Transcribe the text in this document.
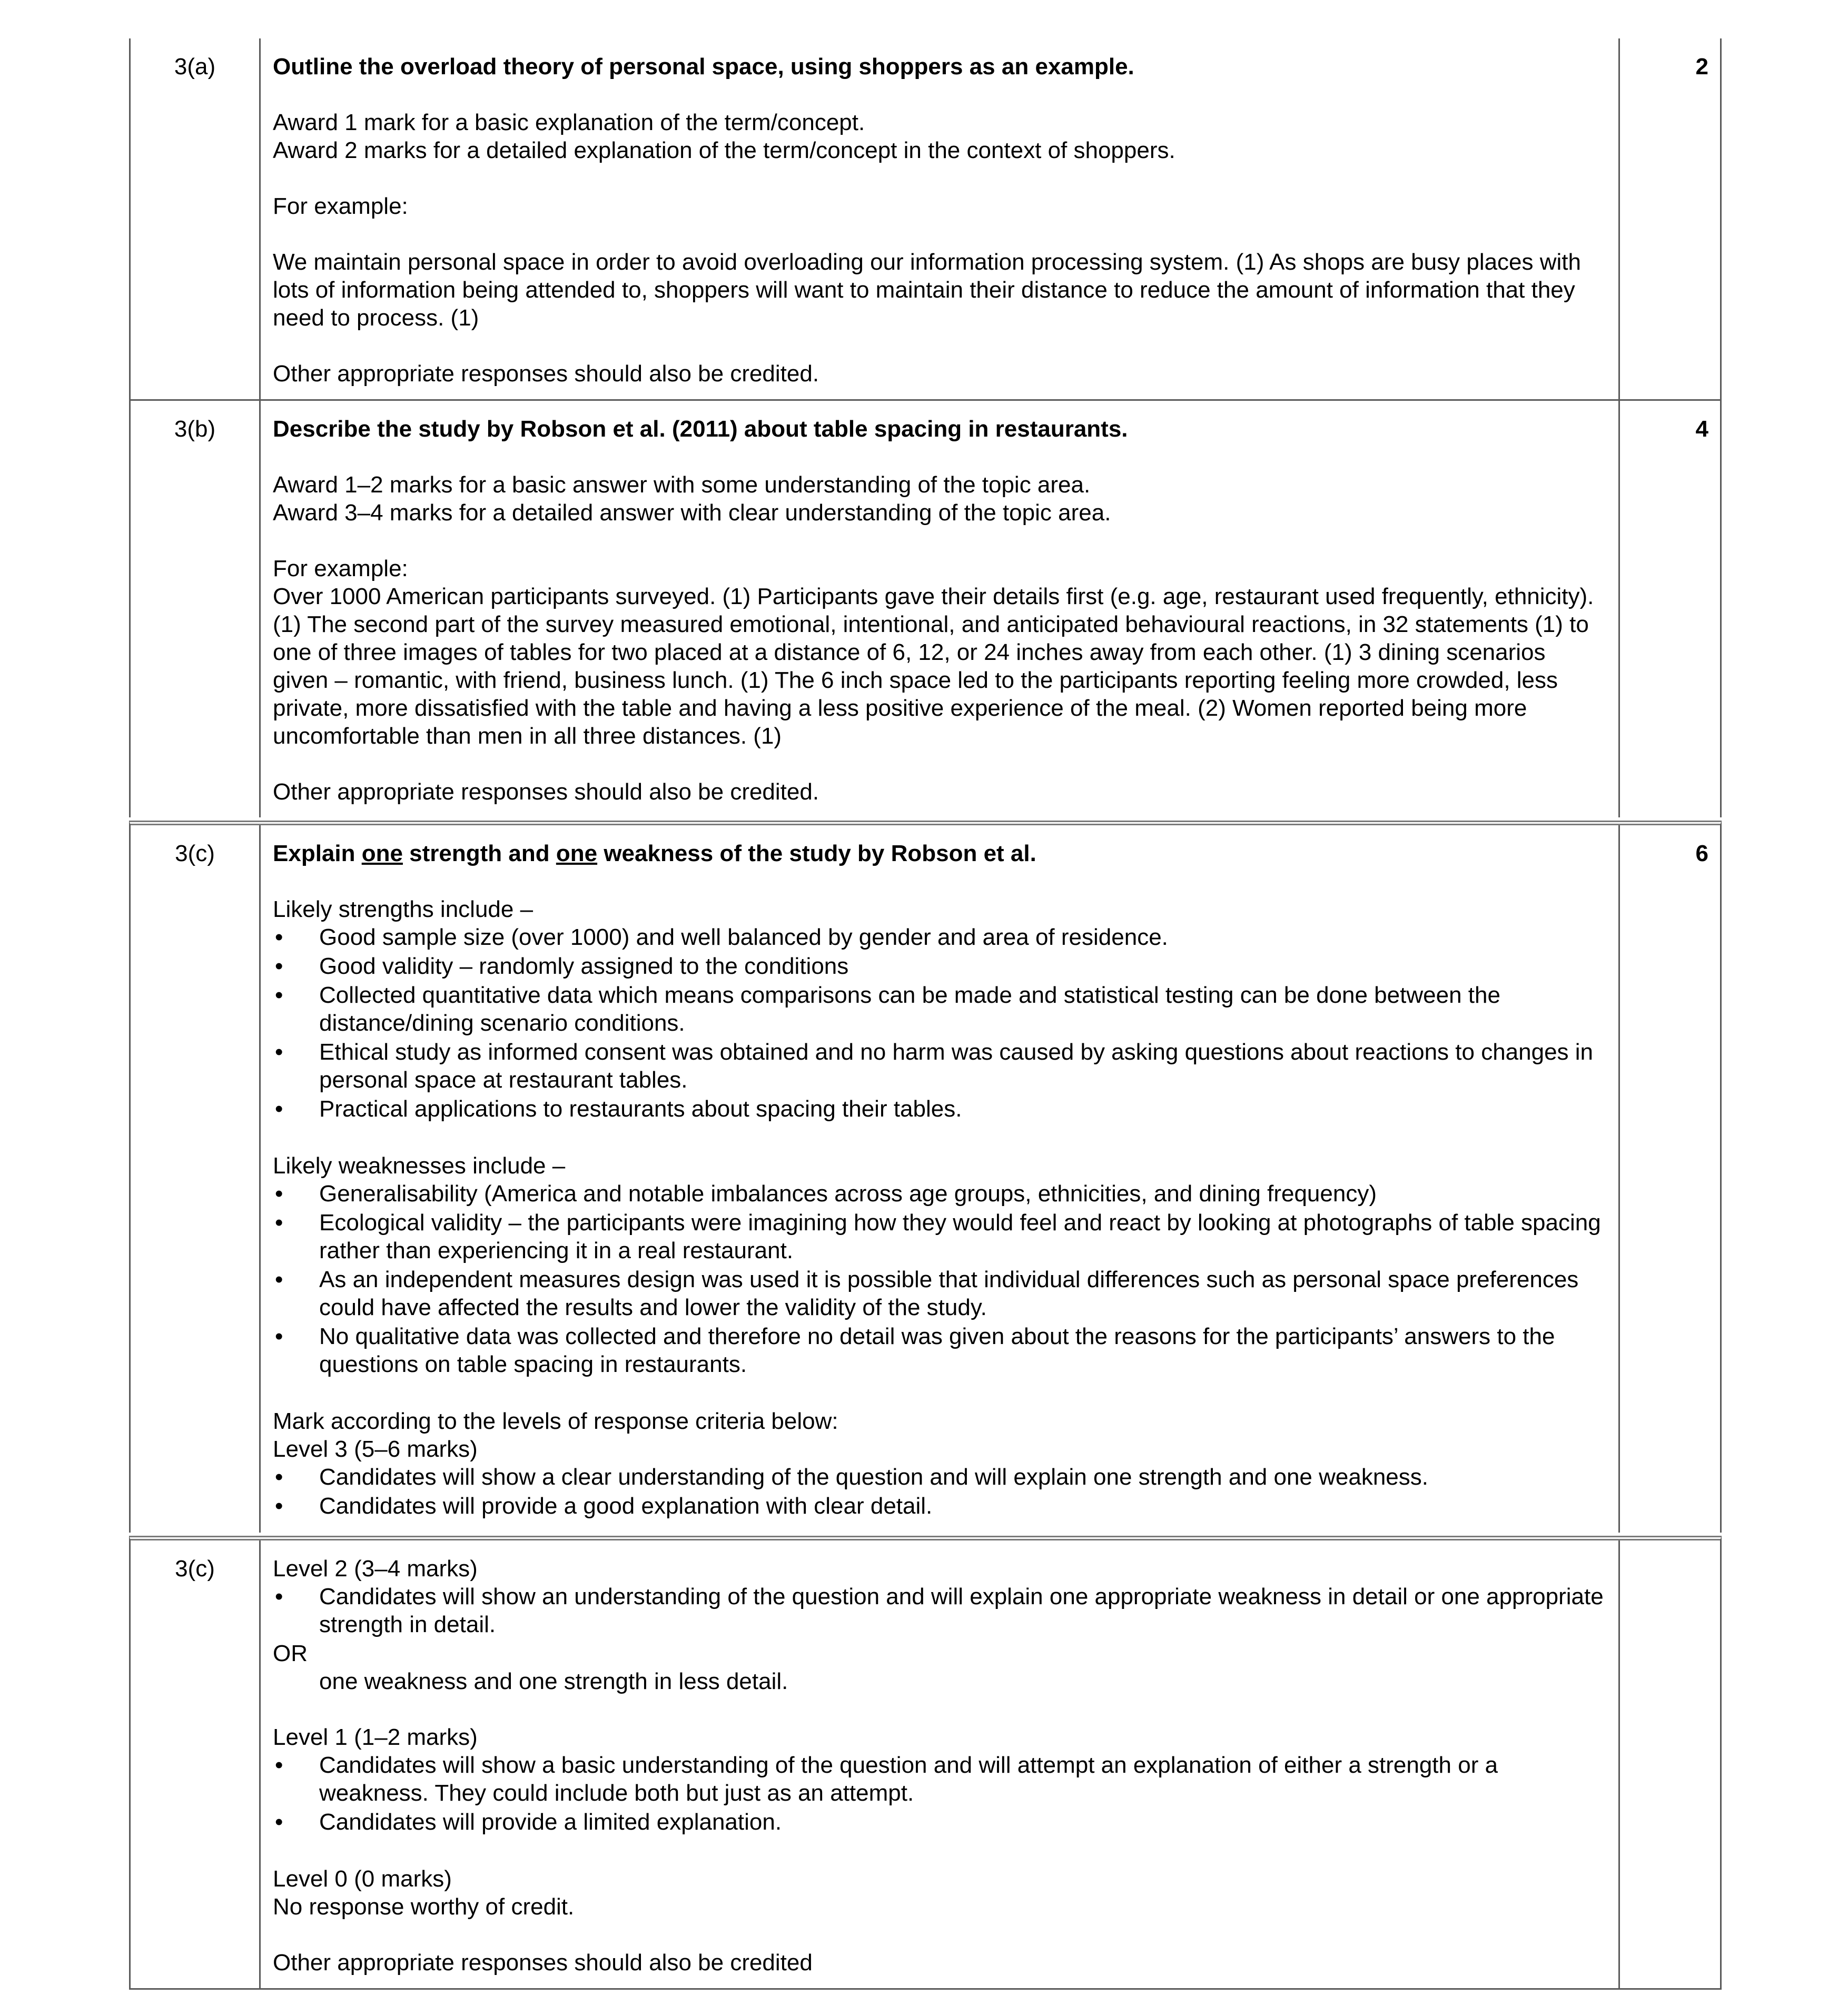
3(a)	Outline the overload theory of personal space, using shoppers as an example.
Award 1 mark for a basic explanation of the term/concept.
Award 2 marks for a detailed explanation of the term/concept in the context of shoppers.
For example:
We maintain personal space in order to avoid overloading our information processing system. (1) As shops are busy places with lots of information being attended to, shoppers will want to maintain their distance to reduce the amount of information that they need to process. (1)
Other appropriate responses should also be credited.
2
3(b)	Describe the study by Robson et al. (2011) about table spacing in restaurants.
Award 1–2 marks for a basic answer with some understanding of the topic area.
Award 3–4 marks for a detailed answer with clear understanding of the topic area.
For example:
Over 1000 American participants surveyed. (1) Participants gave their details first (e.g. age, restaurant used frequently, ethnicity). (1) The second part of the survey measured emotional, intentional, and anticipated behavioural reactions, in 32 statements (1) to one of three images of tables for two placed at a distance of 6, 12, or 24 inches away from each other. (1) 3 dining scenarios given – romantic, with friend, business lunch. (1) The 6 inch space led to the participants reporting feeling more crowded, less private, more dissatisfied with the table and having a less positive experience of the meal. (2) Women reported being more uncomfortable than men in all three distances. (1)
Other appropriate responses should also be credited.
4
3(c)	Explain one strength and one weakness of the study by Robson et al.
Likely strengths include –
• Good sample size (over 1000) and well balanced by gender and area of residence.
• Good validity – randomly assigned to the conditions
• Collected quantitative data which means comparisons can be made and statistical testing can be done between the distance/dining scenario conditions.
• Ethical study as informed consent was obtained and no harm was caused by asking questions about reactions to changes in personal space at restaurant tables.
• Practical applications to restaurants about spacing their tables.
Likely weaknesses include –
• Generalisability (America and notable imbalances across age groups, ethnicities, and dining frequency)
• Ecological validity – the participants were imagining how they would feel and react by looking at photographs of table spacing rather than experiencing it in a real restaurant.
• As an independent measures design was used it is possible that individual differences such as personal space preferences could have affected the results and lower the validity of the study.
• No qualitative data was collected and therefore no detail was given about the reasons for the participants’ answers to the questions on table spacing in restaurants.
Mark according to the levels of response criteria below:
Level 3 (5–6 marks)
• Candidates will show a clear understanding of the question and will explain one strength and one weakness.
• Candidates will provide a good explanation with clear detail.
6
3(c)	Level 2 (3–4 marks)
• Candidates will show an understanding of the question and will explain one appropriate weakness in detail or one appropriate strength in detail.
OR
one weakness and one strength in less detail.
Level 1 (1–2 marks)
• Candidates will show a basic understanding of the question and will attempt an explanation of either a strength or a weakness. They could include both but just as an attempt.
• Candidates will provide a limited explanation.
Level 0 (0 marks)
No response worthy of credit.
Other appropriate responses should also be credited
